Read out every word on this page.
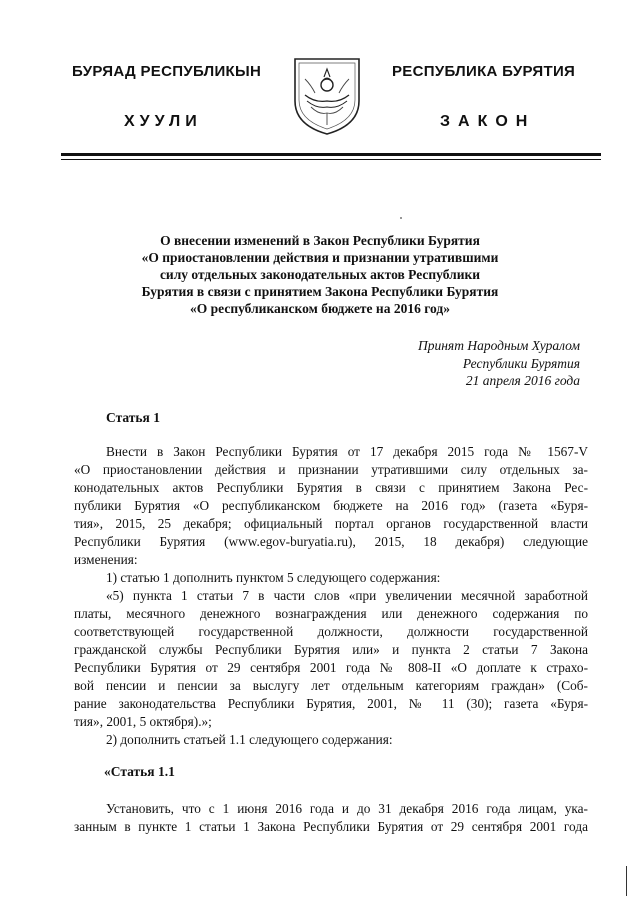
БУРЯАД РЕСПУБЛИКЫН
ХУУЛИ
РЕСПУБЛИКА БУРЯТИЯ
ЗАКОН
О внесении изменений в Закон Республики Бурятия
«О приостановлении действия и признании утратившими
силу отдельных законодательных актов Республики
Бурятия в связи с принятием Закона Республики Бурятия
«О республиканском бюджете на 2016 год»
Принят Народным Хуралом
Республики Бурятия
21 апреля 2016 года
Статья 1
Внести в Закон Республики Бурятия от 17 декабря 2015 года № 1567-V
«О приостановлении действия и признании утратившими силу отдельных за-
конодательных актов Республики Бурятия в связи с принятием Закона Рес-
публики Бурятия «О республиканском бюджете на 2016 год» (газета «Буря-
тия», 2015, 25 декабря; официальный портал органов государственной власти
Республики Бурятия (www.egov-buryatia.ru), 2015, 18 декабря) следующие
изменения:
1) статью 1 дополнить пунктом 5 следующего содержания:
«5) пункта 1 статьи 7 в части слов «при увеличении месячной заработной
платы, месячного денежного вознаграждения или денежного содержания по
соответствующей государственной должности, должности государственной
гражданской службы Республики Бурятия или» и пункта 2 статьи 7 Закона
Республики Бурятия от 29 сентября 2001 года № 808-II «О доплате к страхо-
вой пенсии и пенсии за выслугу лет отдельным категориям граждан» (Соб-
рание законодательства Республики Бурятия, 2001, № 11 (30); газета «Буря-
тия», 2001, 5 октября).»;
2) дополнить статьей 1.1 следующего содержания:
«Статья 1.1
Установить, что с 1 июня 2016 года и до 31 декабря 2016 года лицам, ука-
занным в пункте 1 статьи 1 Закона Республики Бурятия от 29 сентября 2001 года
